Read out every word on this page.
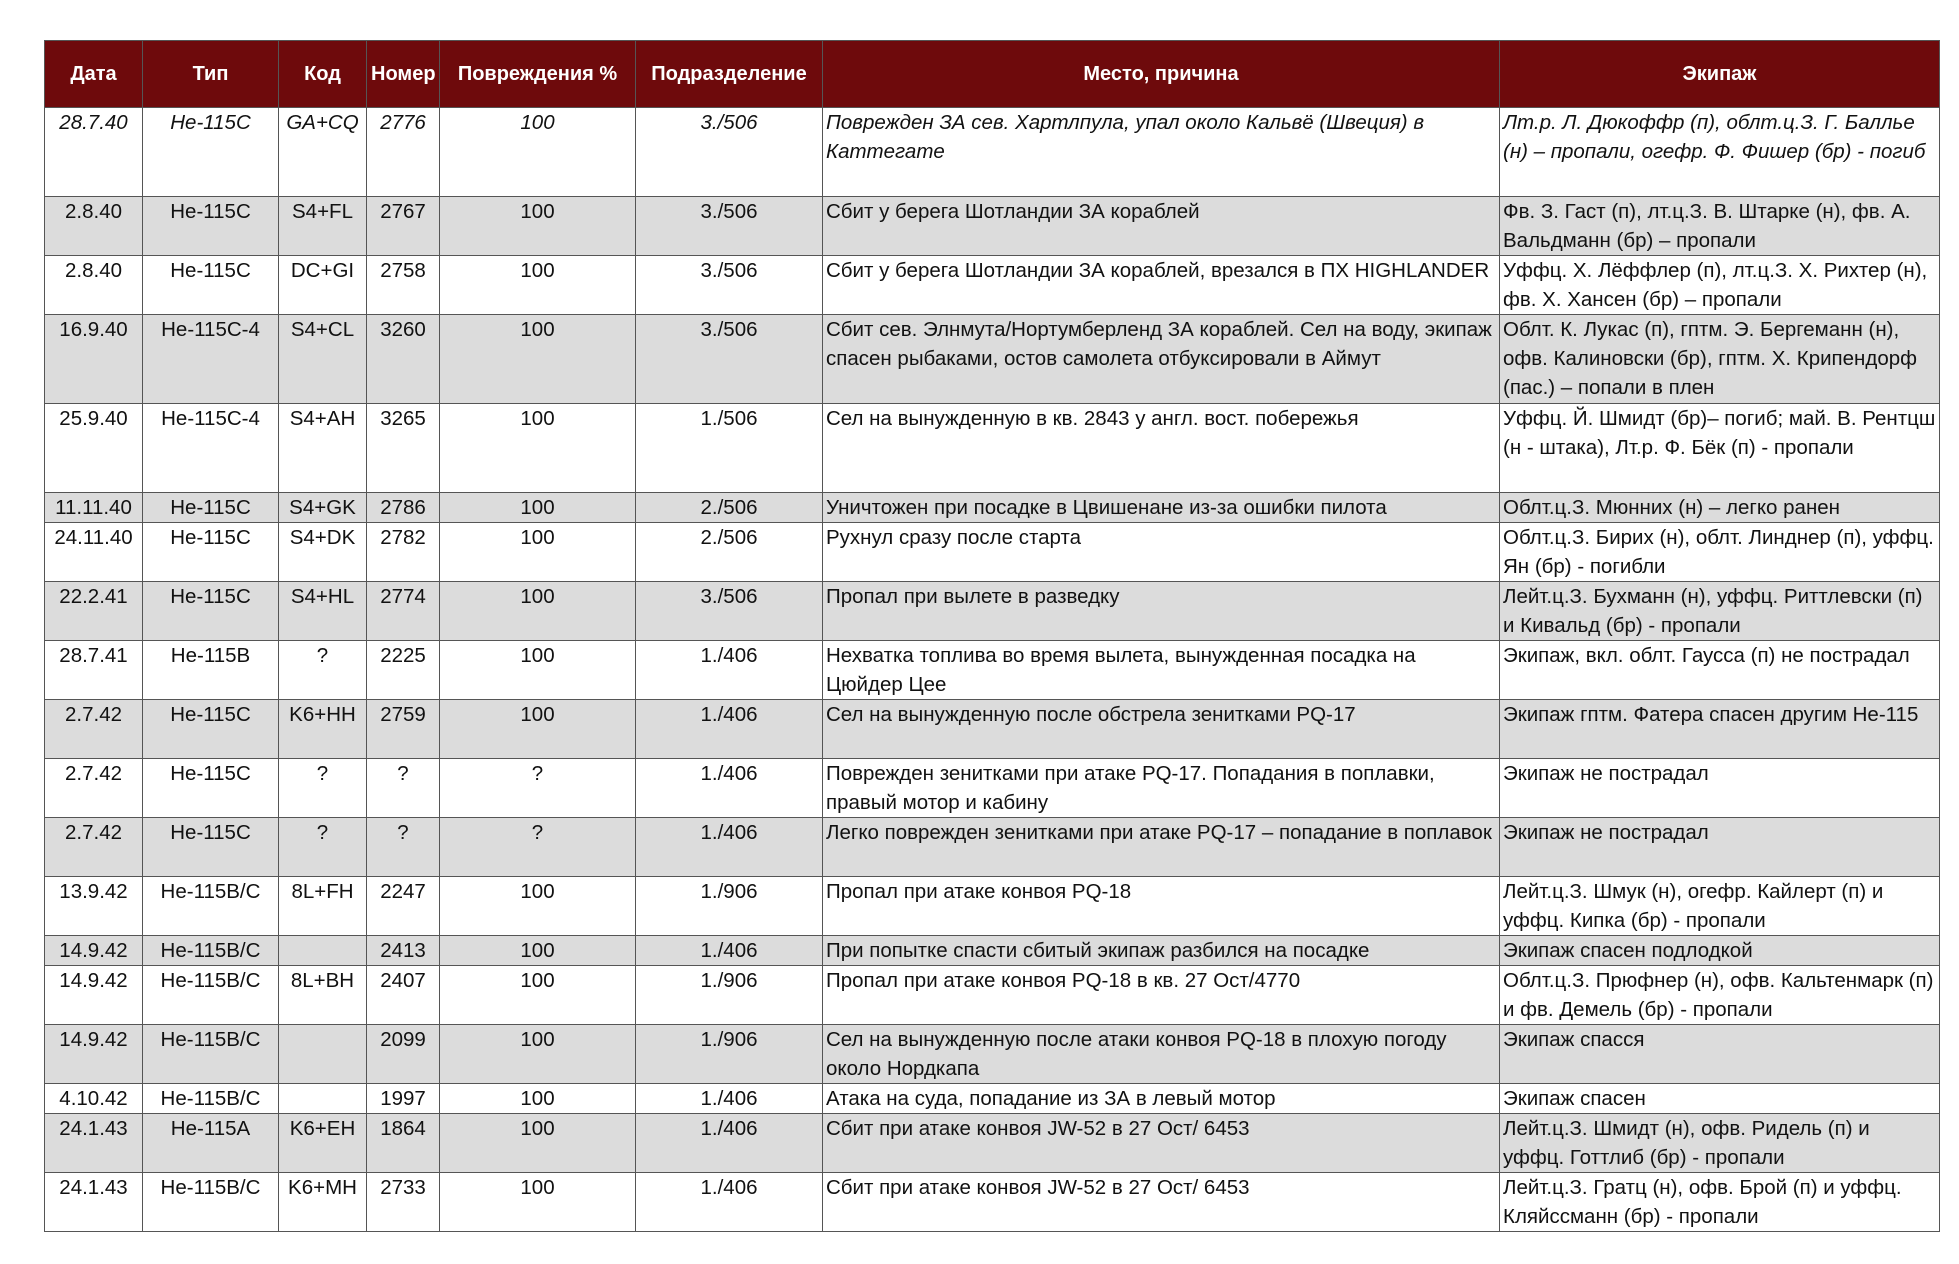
Дата	Тип	Код	Номер	Повреждения %	Подразделение	Место, причина	Экипаж
28.7.40	He-115C	GA+CQ	2776	100	3./506	Поврежден ЗА сев. Хартлпула, упал около Кальвё (Швеция) в Каттегате	Лт.р. Л. Дюкоффр (п), облт.ц.З. Г. Баллье (н) – пропали, огефр. Ф. Фишер (бр) - погиб
2.8.40	He-115C	S4+FL	2767	100	3./506	Сбит у берега Шотландии ЗА кораблей	Фв. З. Гаст (п), лт.ц.З. В. Штарке (н), фв. А. Вальдманн (бр) – пропали
2.8.40	He-115C	DC+GI	2758	100	3./506	Сбит у берега Шотландии ЗА кораблей, врезался в ПХ HIGHLANDER	Уффц. Х. Лёффлер (п), лт.ц.З. Х. Рихтер (н), фв. Х. Хансен (бр) – пропали
16.9.40	He-115C-4	S4+CL	3260	100	3./506	Сбит сев. Элнмута/Нортумберленд ЗА кораблей. Сел на воду, экипаж спасен рыбаками, остов самолета отбуксировали в Аймут	Облт. К. Лукас (п), гптм. Э. Бергеманн (н), офв. Калиновски (бр), гптм. Х. Крипендорф (пас.) – попали в плен
25.9.40	He-115C-4	S4+AH	3265	100	1./506	Сел на вынужденную в кв. 2843 у англ. вост. побережья	Уффц. Й. Шмидт (бр)– погиб; май. В. Рентцш (н - штака), Лт.р. Ф. Бёк (п) - пропали
11.11.40	He-115C	S4+GK	2786	100	2./506	Уничтожен при посадке в Цвишенане из-за ошибки пилота	Облт.ц.З. Мюнних (н) – легко ранен
24.11.40	He-115C	S4+DK	2782	100	2./506	Рухнул сразу после старта	Облт.ц.З. Бирих (н), облт. Линднер (п), уффц. Ян (бр) - погибли
22.2.41	He-115C	S4+HL	2774	100	3./506	Пропал при вылете в разведку	Лейт.ц.З. Бухманн (н), уффц. Риттлевски (п) и Кивальд (бр) - пропали
28.7.41	He-115B	?	2225	100	1./406	Нехватка топлива во время вылета, вынужденная посадка на Цюйдер Цее	Экипаж, вкл. облт. Гаусса (п) не пострадал
2.7.42	He-115C	K6+HH	2759	100	1./406	Сел на вынужденную после обстрела зенитками PQ-17	Экипаж гптм. Фатера спасен другим He-115
2.7.42	He-115C	?	?	?	1./406	Поврежден зенитками при атаке PQ-17. Попадания в поплавки, правый мотор и кабину	Экипаж не пострадал
2.7.42	He-115C	?	?	?	1./406	Легко поврежден зенитками при атаке PQ-17 – попадание в поплавок	Экипаж не пострадал
13.9.42	He-115B/C	8L+FH	2247	100	1./906	Пропал при атаке конвоя PQ-18	Лейт.ц.З. Шмук (н), огефр. Кайлерт (п) и уффц. Кипка (бр) - пропали
14.9.42	He-115B/C		2413	100	1./406	При попытке спасти сбитый экипаж разбился на посадке	Экипаж спасен подлодкой
14.9.42	He-115B/C	8L+BH	2407	100	1./906	Пропал при атаке конвоя PQ-18 в кв. 27 Ост/4770	Облт.ц.З. Прюфнер (н), офв. Кальтенмарк (п) и фв. Демель (бр) - пропали
14.9.42	He-115B/C		2099	100	1./906	Сел на вынужденную после атаки конвоя PQ-18 в плохую погоду около Нордкапа	Экипаж спасся
4.10.42	He-115B/C		1997	100	1./406	Атака на суда, попадание из ЗА в левый мотор	Экипаж спасен
24.1.43	He-115A	K6+EH	1864	100	1./406	Сбит при атаке конвоя JW-52 в 27 Ост/ 6453	Лейт.ц.З. Шмидт (н), офв. Ридель (п) и уффц. Готтлиб (бр) - пропали
24.1.43	He-115B/C	K6+MH	2733	100	1./406	Сбит при атаке конвоя JW-52 в 27 Ост/ 6453	Лейт.ц.З. Гратц (н), офв. Брой (п) и уффц. Кляйссманн (бр) - пропали
